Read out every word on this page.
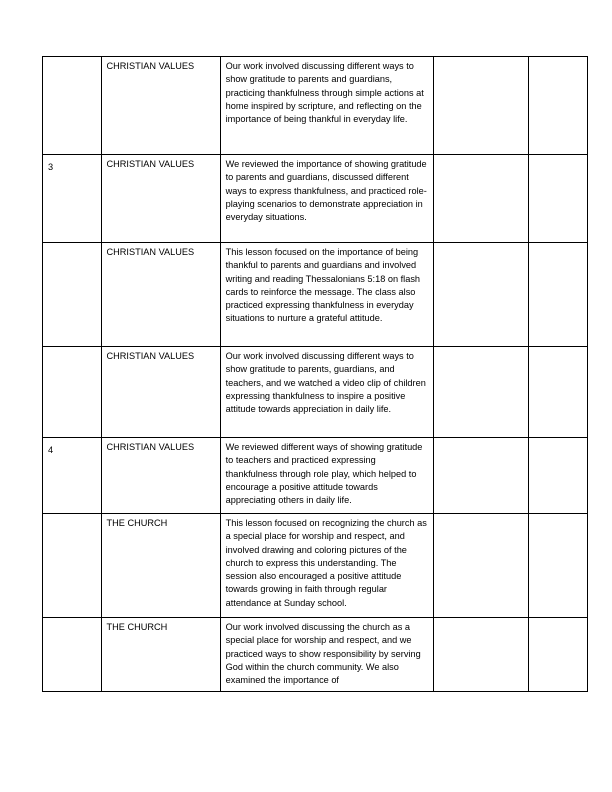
	CHRISTIAN VALUES	Our work involved discussing different ways to show gratitude to parents and guardians, practicing thankfulness through simple actions at home inspired by scripture, and reflecting on the importance of being thankful in everyday life.		

3	CHRISTIAN VALUES	We reviewed the importance of showing gratitude to parents and guardians, discussed different ways to express thankfulness, and practiced role-playing scenarios to demonstrate appreciation in everyday situations.		

	CHRISTIAN VALUES	This lesson focused on the importance of being thankful to parents and guardians and involved writing and reading Thessalonians 5:18 on flash cards to reinforce the message. The class also practiced expressing thankfulness in everyday situations to nurture a grateful attitude.		

	CHRISTIAN VALUES	Our work involved discussing different ways to show gratitude to parents, guardians, and teachers, and we watched a video clip of children expressing thankfulness to inspire a positive attitude towards appreciation in daily life.		

4	CHRISTIAN VALUES	We reviewed different ways of showing gratitude to teachers and practiced expressing thankfulness through role play, which helped to encourage a positive attitude towards appreciating others in daily life.		

	THE CHURCH	This lesson focused on recognizing the church as a special place for worship and respect, and involved drawing and coloring pictures of the church to express this understanding. The session also encouraged a positive attitude towards growing in faith through regular attendance at Sunday school.		

	THE CHURCH	Our work involved discussing the church as a special place for worship and respect, and we practiced ways to show responsibility by serving God within the church community. We also examined the importance of		
